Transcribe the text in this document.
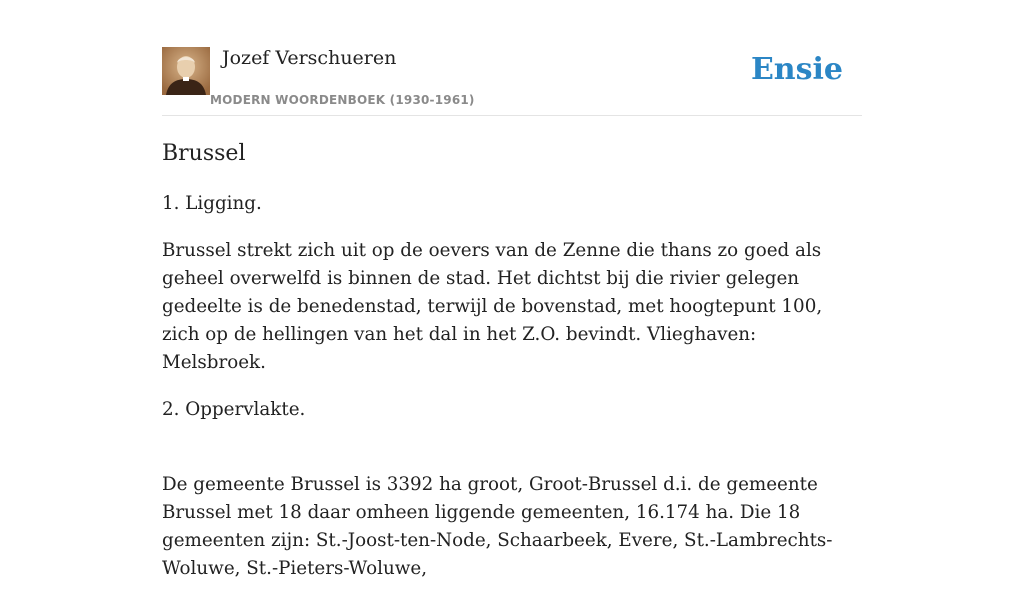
Jozef Verschueren
MODERN WOORDENBOEK (1930-1961)
Ensie
Brussel

1. Ligging.

Brussel strekt zich uit op de oevers van de Zenne die thans zo goed als geheel overwelfd is binnen de stad. Het dichtst bij die rivier gelegen gedeelte is de benedenstad, terwijl de bovenstad, met hoogtepunt 100, zich op de hellingen van het dal in het Z.O. bevindt. Vlieghaven: Melsbroek.

2. Oppervlakte.

De gemeente Brussel is 3392 ha groot, Groot-Brussel d.i. de gemeente Brussel met 18 daar omheen liggende gemeenten, 16.174 ha. Die 18 gemeenten zijn: St.-Joost-ten-Node, Schaarbeek, Evere, St.-Lambrechts-Woluwe, St.-Pieters-Woluwe,
